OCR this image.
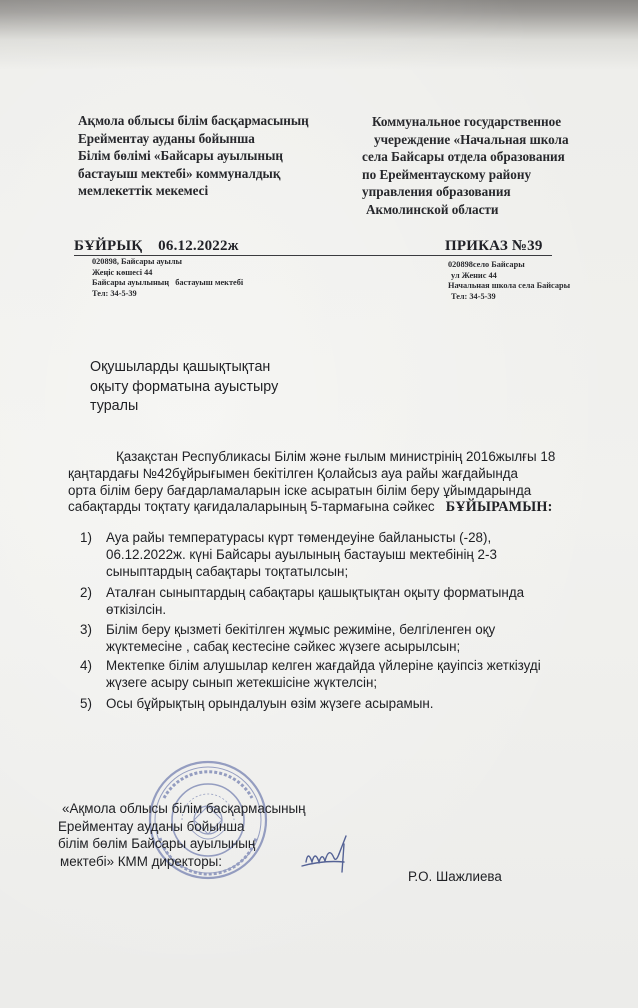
Ақмола облысы білім басқармасының
Ерейментау ауданы бойынша
Білім бөлімі «Байсары ауылының
бастауыш мектебі» коммуналдық
мемлекеттік мекемесі
Коммунальное государственное
учереждение «Начальная школа
села Байсары отдела образования
по Ерейментаускому району
управления образования
Акмолинской области
БҰЙРЫҚ    06.12.2022ж	ПРИКАЗ №39
020898, Байсары ауылы
Жеңіс көшесі 44
Байсары ауылының   бастауыш мектебі
Тел: 34-5-39
020898село Байсары
ул Женис 44
Начальная школа села Байсары
Тел: 34-5-39
Оқушыларды қашықтықтан
оқыту форматына ауыстыру
туралы
Қазақстан Республикасы Білім және ғылым министрінің 2016жылғы 18
қаңтардағы №42бұйрығымен бекітілген Қолайсыз ауа райы жағдайында
орта білім беру бағдарламаларын іске асыратын білім беру ұйымдарында
сабақтарды тоқтату қағидалаларының 5-тармағына сәйкес БҰЙЫРАМЫН:
1) Ауа райы температурасы күрт төмендеуіне байланысты (-28),
06.12.2022ж. күні Байсары ауылының бастауыш мектебінің 2-3
сыныптардың сабақтары тоқтатылсын;
2) Аталған сыныптардың сабақтары қашықтықтан оқыту форматында
өткізілсін.
3) Білім беру қызметі бекітілген жұмыс режиміне, белгіленген оқу
жүктемесіне , сабақ кестесіне сәйкес жүзеге асырылсын;
4) Мектепке білім алушылар келген жағдайда үйлеріне қауіпсіз жеткізуді
жүзеге асыру сынып жетекшісіне жүктелсін;
5) Осы бұйрықтың орындалуын өзім жүзеге асырамын.
«Ақмола облысы білім басқармасының
Ерейментау ауданы бойынша
білім бөлім Байсары ауылының
мектебі» КММ директоры:
Р.О. Шажлиева
